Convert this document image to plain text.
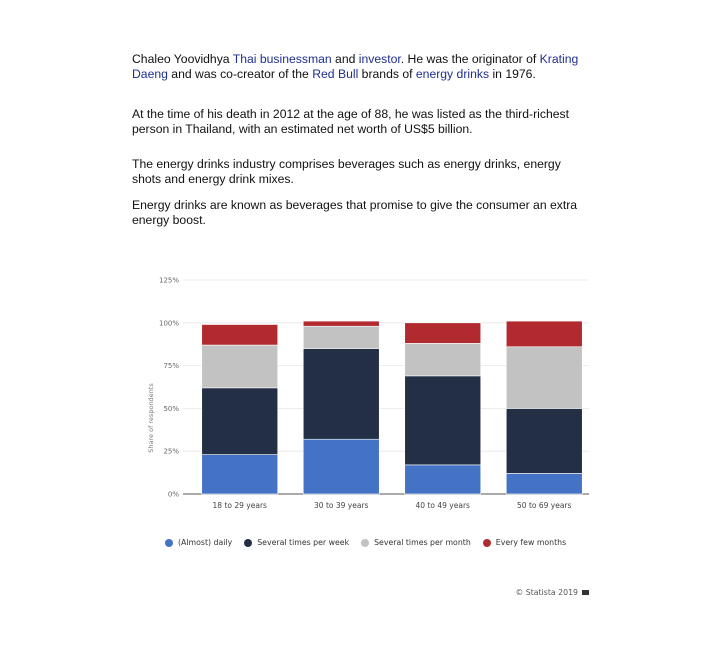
Chaleo Yoovidhya Thai businessman and investor. He was the originator of Krating Daeng and was co-creator of the Red Bull brands of energy drinks in 1976.

At the time of his death in 2012 at the age of 88, he was listed as the third-richest person in Thailand, with an estimated net worth of US$5 billion.

The energy drinks industry comprises beverages such as energy drinks, energy shots and energy drink mixes.

Energy drinks are known as beverages that promise to give the consumer an extra energy boost.

0%
25%
50%
75%
100%
125%
18 to 29 years	30 to 39 years	40 to 49 years	50 to 69 years
Share of respondents
(Almost) daily	Several times per week	Several times per month	Every few months
© Statista 2019
